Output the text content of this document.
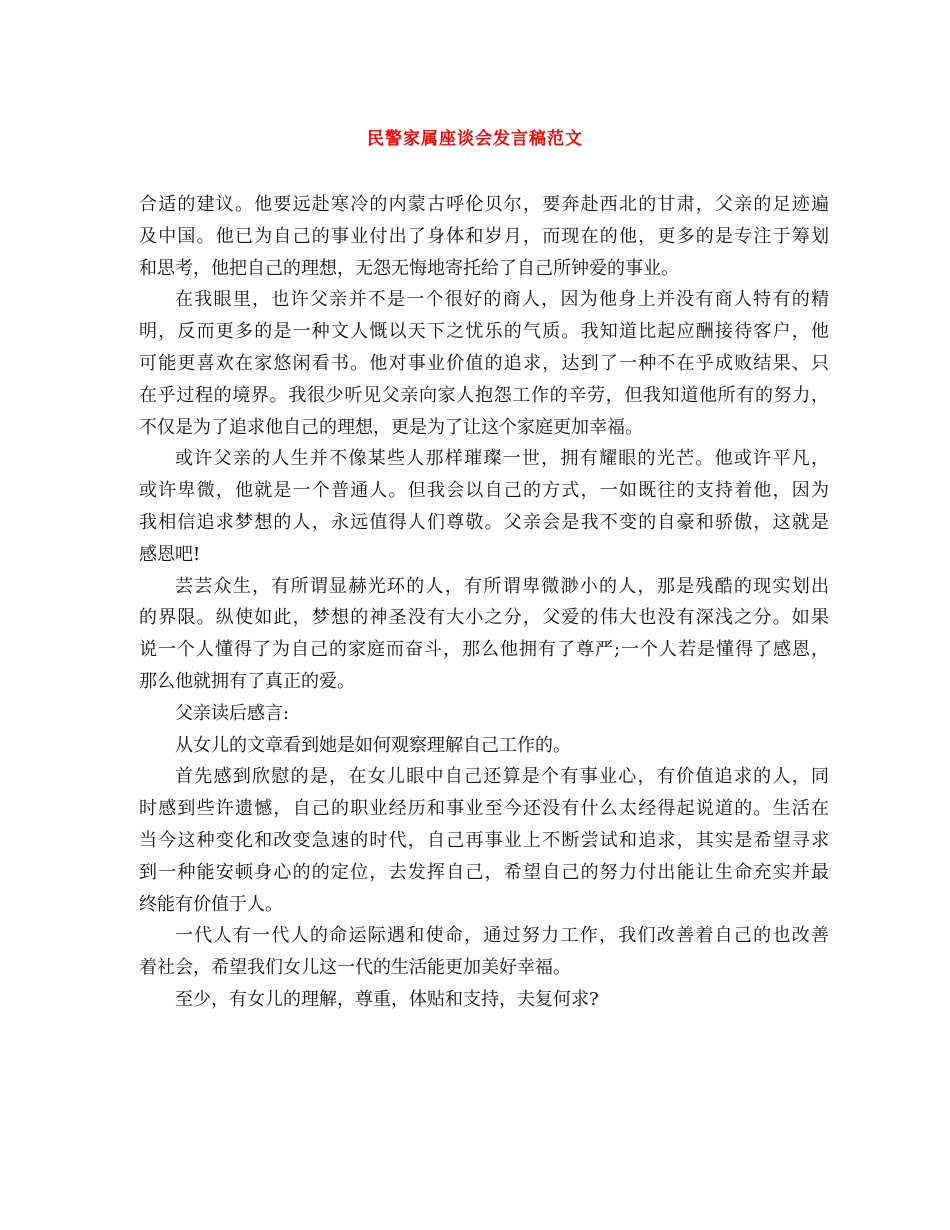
民警家属座谈会发言稿范文

合适的建议。他要远赴寒冷的内蒙古呼伦贝尔，要奔赴西北的甘肃，父亲的足迹遍
及中国。他已为自己的事业付出了身体和岁月，而现在的他，更多的是专注于筹划
和思考，他把自己的理想，无怨无悔地寄托给了自己所钟爱的事业。

在我眼里，也许父亲并不是一个很好的商人，因为他身上并没有商人特有的精
明，反而更多的是一种文人慨以天下之忧乐的气质。我知道比起应酬接待客户，他
可能更喜欢在家悠闲看书。他对事业价值的追求，达到了一种不在乎成败结果、只
在乎过程的境界。我很少听见父亲向家人抱怨工作的辛劳，但我知道他所有的努力，
不仅是为了追求他自己的理想，更是为了让这个家庭更加幸福。

或许父亲的人生并不像某些人那样璀璨一世，拥有耀眼的光芒。他或许平凡，
或许卑微，他就是一个普通人。但我会以自己的方式，一如既往的支持着他，因为
我相信追求梦想的人，永远值得人们尊敬。父亲会是我不变的自豪和骄傲，这就是
感恩吧!

芸芸众生，有所谓显赫光环的人，有所谓卑微渺小的人，那是残酷的现实划出
的界限。纵使如此，梦想的神圣没有大小之分，父爱的伟大也没有深浅之分。如果
说一个人懂得了为自己的家庭而奋斗，那么他拥有了尊严;一个人若是懂得了感恩，
那么他就拥有了真正的爱。

父亲读后感言:

从女儿的文章看到她是如何观察理解自己工作的。

首先感到欣慰的是，在女儿眼中自己还算是个有事业心，有价值追求的人，同
时感到些许遗憾，自己的职业经历和事业至今还没有什么太经得起说道的。生活在
当今这种变化和改变急速的时代，自己再事业上不断尝试和追求，其实是希望寻求
到一种能安顿身心的的定位，去发挥自己，希望自己的努力付出能让生命充实并最
终能有价值于人。

一代人有一代人的命运际遇和使命，通过努力工作，我们改善着自己的也改善
着社会，希望我们女儿这一代的生活能更加美好幸福。

至少，有女儿的理解，尊重，体贴和支持，夫复何求?
